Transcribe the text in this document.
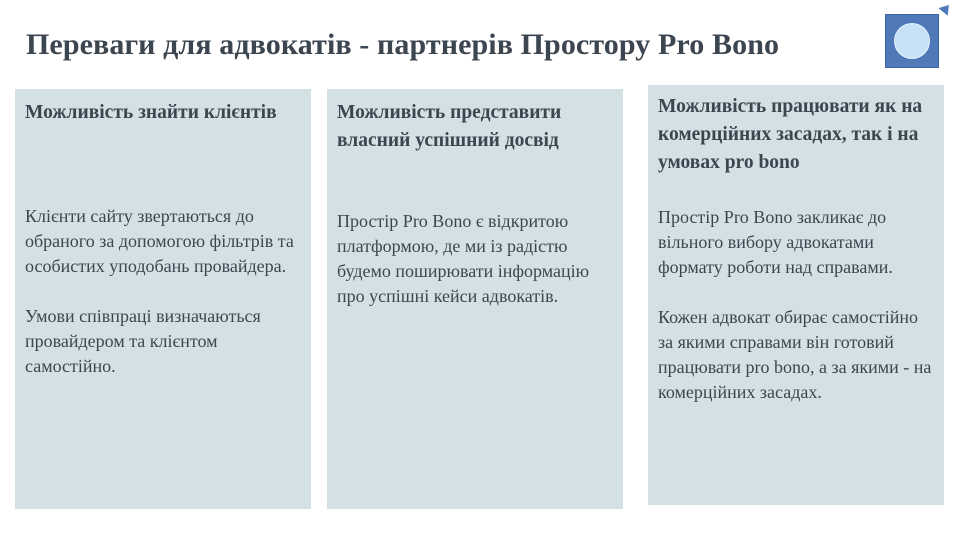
Переваги для адвокатів - партнерів Простору Pro Bono
Можливість знайти клієнтів

Клієнти сайту звертаються до обраного за допомогою фільтрів та особистих уподобань провайдера.

Умови співпраці визначаються провайдером та клієнтом самостійно.

Можливість представити власний успішний досвід

Простір Pro Bono є відкритою платформою, де ми із радістю будемо поширювати інформацію про успішні кейси адвокатів.

Можливість працювати як на комерційних засадах, так і на умовах pro bono

Простір Pro Bono закликає до вільного вибору адвокатами формату роботи над справами.

Кожен адвокат обирає самостійно за якими справами він готовий працювати pro bono, а за якими - на комерційних засадах.
